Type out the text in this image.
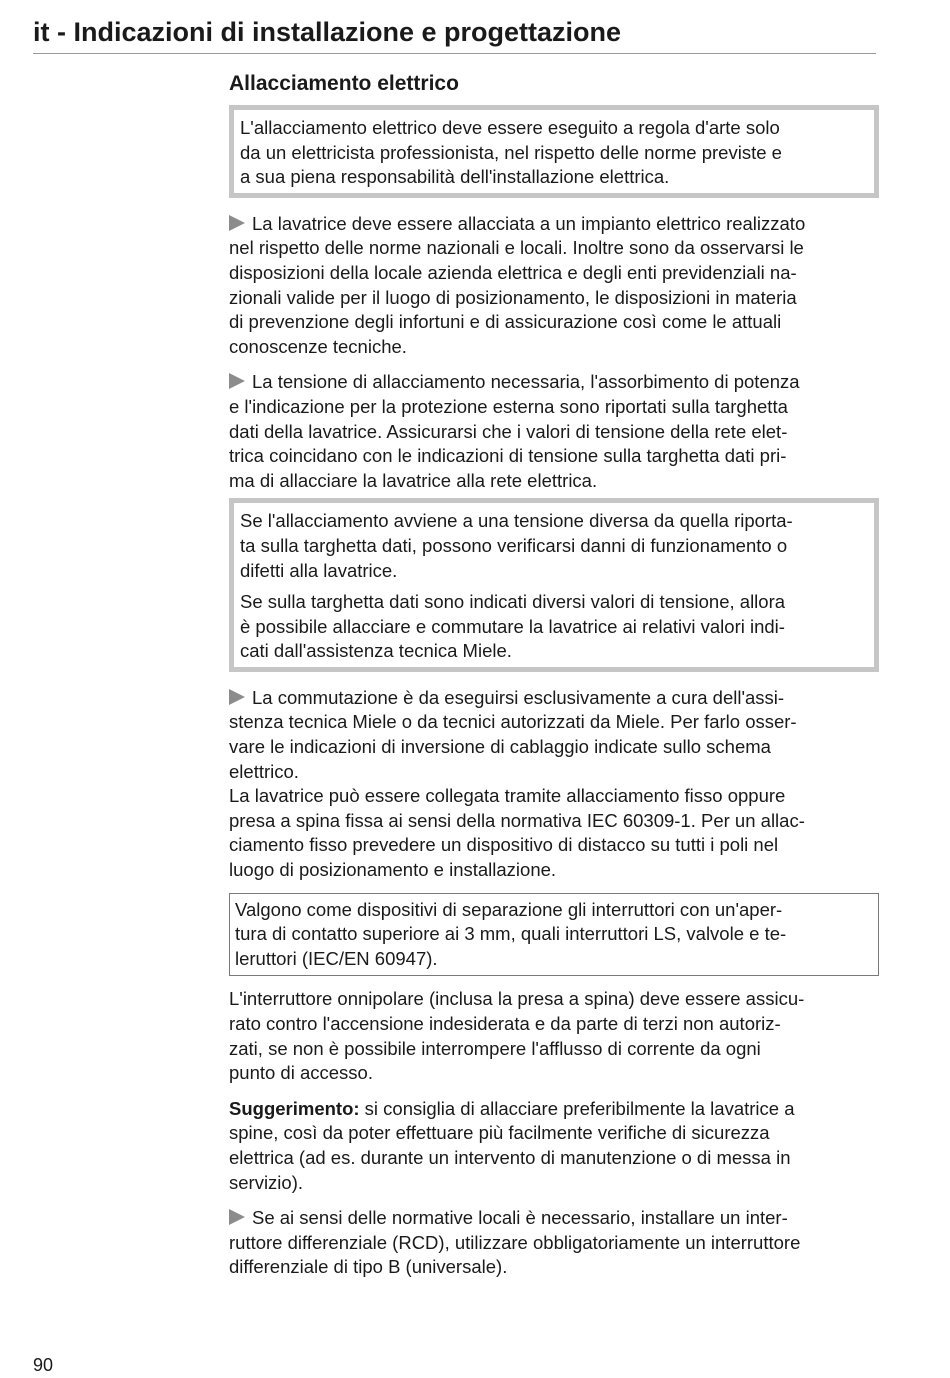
it - Indicazioni di installazione e progettazione
Allacciamento elettrico

L'allacciamento elettrico deve essere eseguito a regola d'arte solo
da un elettricista professionista, nel rispetto delle norme previste e
a sua piena responsabilità dell'installazione elettrica.

La lavatrice deve essere allacciata a un impianto elettrico realizzato
nel rispetto delle norme nazionali e locali. Inoltre sono da osservarsi le
disposizioni della locale azienda elettrica e degli enti previdenziali na-
zionali valide per il luogo di posizionamento, le disposizioni in materia
di prevenzione degli infortuni e di assicurazione così come le attuali
conoscenze tecniche.

La tensione di allacciamento necessaria, l'assorbimento di potenza
e l'indicazione per la protezione esterna sono riportati sulla targhetta
dati della lavatrice. Assicurarsi che i valori di tensione della rete elet-
trica coincidano con le indicazioni di tensione sulla targhetta dati pri-
ma di allacciare la lavatrice alla rete elettrica.

Se l'allacciamento avviene a una tensione diversa da quella riporta-
ta sulla targhetta dati, possono verificarsi danni di funzionamento o
difetti alla lavatrice.

Se sulla targhetta dati sono indicati diversi valori di tensione, allora
è possibile allacciare e commutare la lavatrice ai relativi valori indi-
cati dall'assistenza tecnica Miele.

La commutazione è da eseguirsi esclusivamente a cura dell'assi-
stenza tecnica Miele o da tecnici autorizzati da Miele. Per farlo osser-
vare le indicazioni di inversione di cablaggio indicate sullo schema
elettrico.

La lavatrice può essere collegata tramite allacciamento fisso oppure
presa a spina fissa ai sensi della normativa IEC 60309-1. Per un allac-
ciamento fisso prevedere un dispositivo di distacco su tutti i poli nel
luogo di posizionamento e installazione.

Valgono come dispositivi di separazione gli interruttori con un'aper-
tura di contatto superiore ai 3 mm, quali interruttori LS, valvole e te-
leruttori (IEC/EN 60947).

L'interruttore onnipolare (inclusa la presa a spina) deve essere assicu-
rato contro l'accensione indesiderata e da parte di terzi non autoriz-
zati, se non è possibile interrompere l'afflusso di corrente da ogni
punto di accesso.

Suggerimento: si consiglia di allacciare preferibilmente la lavatrice a
spine, così da poter effettuare più facilmente verifiche di sicurezza
elettrica (ad es. durante un intervento di manutenzione o di messa in
servizio).

Se ai sensi delle normative locali è necessario, installare un inter-
ruttore differenziale (RCD), utilizzare obbligatoriamente un interruttore
differenziale di tipo B (universale).

90
